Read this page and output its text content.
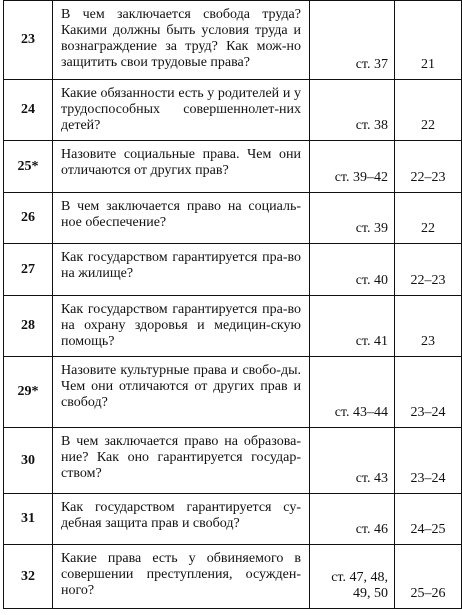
23	В чем заключается свобода труда? Какими должны быть условия труда и вознаграждение за труд? Как мож-но защитить свои трудовые права?	ст. 37	21
24	Какие обязанности есть у родителей и у трудоспособных совершеннолет-них детей?	ст. 38	22
25*	Назовите социальные права. Чем они отличаются от других прав?	ст. 39–42	22–23
26	В чем заключается право на социаль-ное обеспечение?	ст. 39	22
27	Как государством гарантируется пра-во на жилище?	ст. 40	22–23
28	Как государством гарантируется пра-во на охрану здоровья и медицин-скую помощь?	ст. 41	23
29*	Назовите культурные права и свобо-ды. Чем они отличаются от других прав и свобод?	ст. 43–44	23–24
30	В чем заключается право на образова-ние? Как оно гарантируется государ-ством?	ст. 43	23–24
31	Как государством гарантируется су-дебная защита прав и свобод?	ст. 46	24–25
32	Какие права есть у обвиняемого в совершении преступления, осужден-ного?	ст. 47, 48, 49, 50	25–26
